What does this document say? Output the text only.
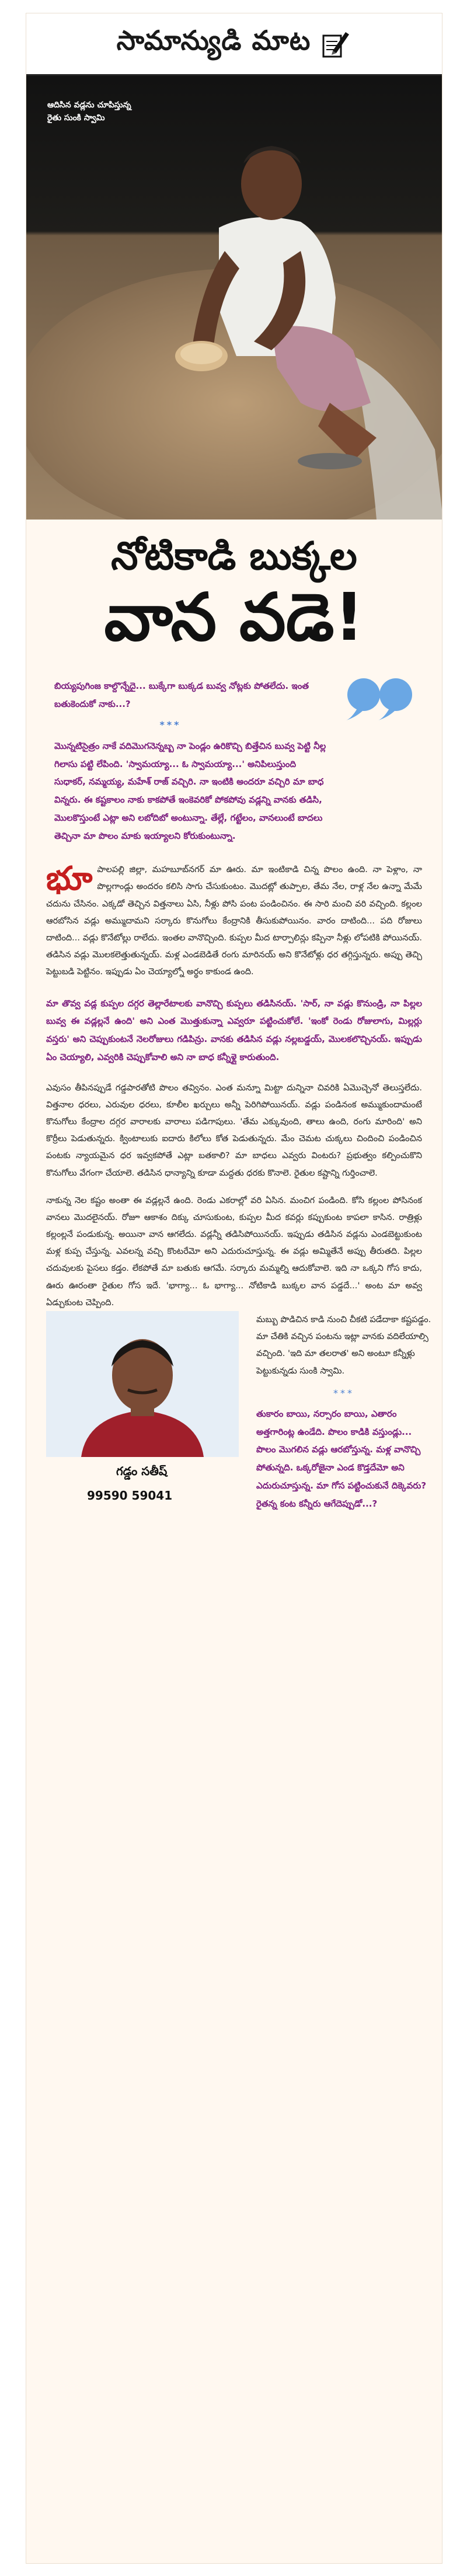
సామాన్యుడి మాట
ఆదిసిన వడ్లను చూపిస్తున్న రైతు సుంకి స్వామి
నోటికాడి బుక్కల
వాన వడె!
బియ్యపుగింజ కాల్దొన్నేదై... బుక్కేగా బుక్కడ బువ్వ నోట్లకు పోతలేదు. ఇంత బతుకెందుకో నాకు...?
***
మొన్నటిసైత్రం నాకే వదిమొగనెన్నబ్బ నా పెండ్లం ఉరికొచ్చి బిత్తేచిన బువ్వ పెట్టి నీల్ల గిలాసు పట్టి లేపింది. 'స్వామయ్యా... ఓ స్వామయ్యా...' అనిపిలుస్తుంది సుధాకర్, నమ్మయ్య, మహేశ్ రాజ్ వచ్చిరి. నా ఇంటికి అందరూ వచ్చిరి మా బాధ విన్నరు. ఈ కష్టకాలం నాకు కాకపోతే ఇంకెవరికో పోకపోవు వడ్లన్ని వానకు తడిసి, మొలకొస్తుంటే ఎట్లా అని లబోదిబో అంటున్నా. తేల్లే, గట్టేలం, వానలుంటే బాదలు తెచ్చినా మా పొలం మాకు ఇయ్యాలని కోరుకుంటున్నా.
భూ పాలపల్లి జిల్లా, మహబూబ్‌నగర్ మా ఊరు. మా ఇంటికాడి చిన్న పొలం ఉంది. నా పెళ్లాం, నా పొల్లగాండ్లు అందరం కలిసి సాగు చేసుకుంటం. మొదట్లో తుప్పాల, తేమ నేల, రాళ్ల నేల ఉన్నా మేమే చదును చేసినం. ఎక్కడో తెచ్చిన విత్తనాలు ఏసి, నీళ్లు పోసి పంట పండించినం. ఈ సారి మంచి వరి వచ్చింది. కల్లంల ఆరబోసిన వడ్లు అమ్ముదామని సర్కారు కొనుగోలు కేంద్రానికి తీసుకుపోయినం. వారం దాటింది... పది రోజులు దాటింది... వడ్లు కొనేటోల్లు రాలేదు. ఇంతల వానొచ్చింది. కుప్పల మీద టార్పాలిన్లు కప్పినా నీళ్లు లోపటికి పోయినయ్. తడిసిన వడ్లు మొలకలెత్తుతున్నయ్. మళ్ల ఎండబెడితే రంగు మారినయ్ అని కొనేటోళ్లు ధర తగ్గిస్తున్నరు. అప్పు తెచ్చి పెట్టుబడి పెట్టినం. ఇప్పుడు ఏం చెయ్యాల్నో అర్థం కాకుండ ఉంది.
మా తొవ్వ వడ్ల కుప్పల దగ్గర తెల్లారేటాలకు వానొచ్చి కుప్పలు తడిసినయ్. 'సార్, నా వడ్లు కొనుండ్రి, నా పిల్లల బువ్వ ఈ వడ్లల్లనే ఉంది' అని ఎంత మొత్తుకున్నా ఎవ్వరూ పట్టించుకోలే. 'ఇంకో రెండు రోజులాగు, మిల్లర్లు వస్తరు' అని చెప్పుకుంటనే నెలరోజులు గడిపిన్రు. వానకు తడిసిన వడ్లు నల్లబడ్డయ్, మొలకలొచ్చినయ్. ఇప్పుడు ఏం చెయ్యాలి, ఎవ్వరికి చెప్పుకోవాలి అని నా బాధ కన్నీళ్లై కారుతుంది.
ఎవుసం తీపినప్పుడే గడ్డపారతోటి పొలం తవ్వినం. ఎంత మన్నూ మిట్టా దున్నినా చివరికి ఏమొచ్చెనో తెలుస్తలేదు. విత్తనాల ధరలు, ఎరువుల ధరలు, కూలీల ఖర్చులు అన్నీ పెరిగిపోయినయ్. వడ్లు పండినంక అమ్ముకుందామంటే కొనుగోలు కేంద్రాల దగ్గర వారాలకు వారాలు పడిగాపులు. 'తేమ ఎక్కువుంది, తాలు ఉంది, రంగు మారింది' అని కొర్రీలు పెడుతున్నరు. క్వింటాలుకు ఐదారు కిలోలు కోత పెడుతున్నరు. మేం చెమట చుక్కలు చిందించి పండించిన పంటకు న్యాయమైన ధర ఇవ్వకపోతే ఎట్లా బతకాలి? మా బాధలు ఎవ్వరు వింటరు? ప్రభుత్వం కల్పించుకొని కొనుగోలు వేగంగా చేయాలె. తడిసిన ధాన్యాన్ని కూడా మద్దతు ధరకు కొనాలె. రైతుల కష్టాన్ని గుర్తించాలె.
నాకున్న నెల కష్టం అంతా ఈ వడ్లల్లనే ఉంది. రెండు ఎకరాల్లో వరి ఏసిన. మంచిగ పండింది. కోసి కల్లంల పోసినంక వానలు మొదలైనయ్. రోజూ ఆకాశం దిక్కు చూసుకుంట, కుప్పల మీద కవర్లు కప్పుకుంట కాపలా కాసిన. రాత్రిళ్లు కల్లంల్లనే పండుకున్న. అయినా వాన ఆగలేదు. వడ్లన్నీ తడిసిపోయినయ్. ఇప్పుడు తడిసిన వడ్లను ఎండబెట్టుకుంట మళ్ల కుప్ప చేస్తున్న. ఎవలన్న వచ్చి కొంటరేమో అని ఎదురుచూస్తున్న. ఈ వడ్లు అమ్మితేనే అప్పు తీరుతది. పిల్లల చదువులకు పైసలు కడ్తం. లేకపోతే మా బతుకు ఆగమే. సర్కారు మమ్మల్ని ఆదుకోవాలె. ఇది నా ఒక్కని గోస కాదు, ఊరు ఊరంతా రైతుల గోస ఇదే. 'భాగ్యా... ఓ భాగ్యా... నోటికాడి బుక్కల వాన పడ్డదే...' అంట మా అవ్వ ఏడ్చుకుంట చెప్పింది.
గడ్డం సతీష్
99590 59041
మబ్బు పొడిచిన కాడి నుంచి చీకటి పడేదాకా కష్టపడ్డం. మా చేతికి వచ్చిన పంటను ఇట్లా వానకు వదిలేయాల్సి వచ్చింది. 'ఇది మా తలరాత' అని అంటూ కన్నీళ్లు పెట్టుకున్నడు సుంకి స్వామి.
***
తుకారం బాయి, నర్సారం బాయి, ఎతారం అత్తగారింట్ల ఉండేది. పొలం కాడికి వస్తుండ్లు... పొలం మొగలిన వడ్లు ఆరబోస్తున్న. మళ్ల వానొచ్చి పోతున్నది. ఒక్కరోజైనా ఎండ కొడ్తదేమో అని ఎదురుచూస్తున్న. మా గోస పట్టించుకునే దిక్కెవరు? రైతన్న కంట కన్నీరు ఆగేదెప్పుడో...?
